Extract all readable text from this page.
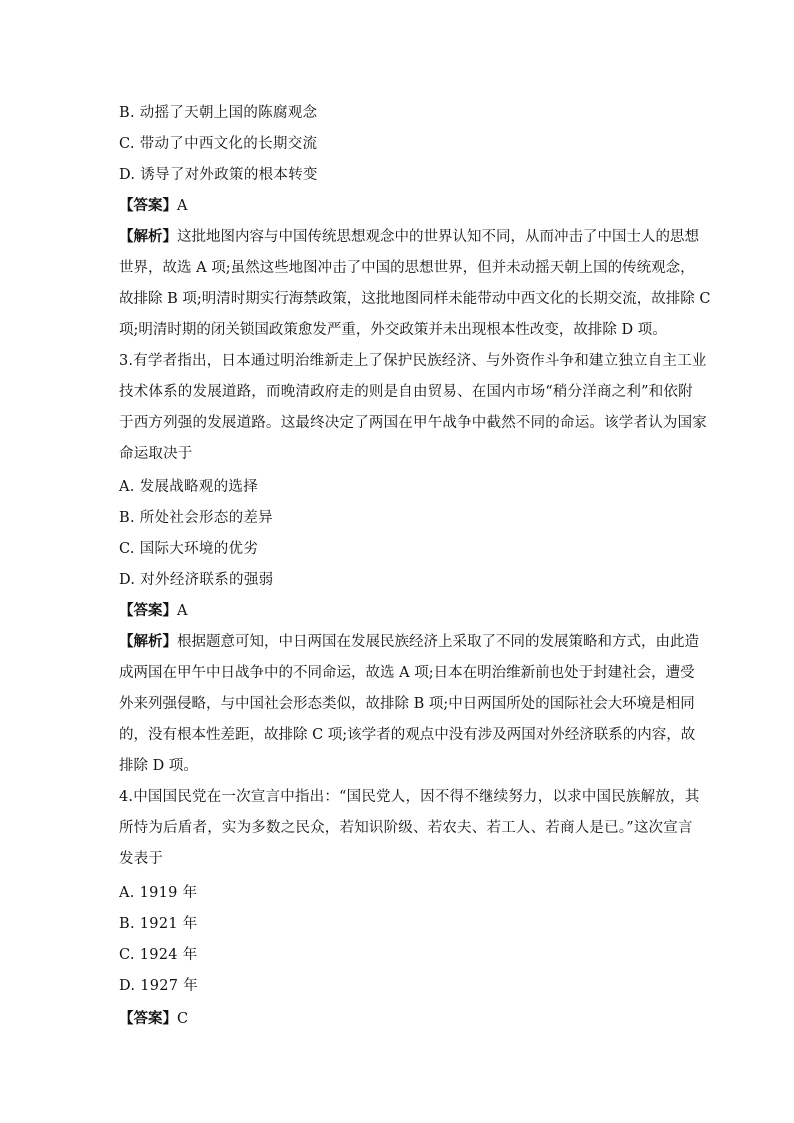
B. 动摇了天朝上国的陈腐观念

C. 带动了中西文化的长期交流

D. 诱导了对外政策的根本转变

【答案】A

【解析】这批地图内容与中国传统思想观念中的世界认知不同，从而冲击了中国士人的思想

世界，故选 A 项;虽然这些地图冲击了中国的思想世界，但并未动摇天朝上国的传统观念，

故排除 B 项;明清时期实行海禁政策，这批地图同样未能带动中西文化的长期交流，故排除 C

项;明清时期的闭关锁国政策愈发严重，外交政策并未出现根本性改变，故排除 D 项。

3.有学者指出，日本通过明治维新走上了保护民族经济、与外资作斗争和建立独立自主工业

技术体系的发展道路，而晚清政府走的则是自由贸易、在国内市场“稍分洋商之利”和依附

于西方列强的发展道路。这最终决定了两国在甲午战争中截然不同的命运。该学者认为国家

命运取决于

A. 发展战略观的选择

B. 所处社会形态的差异

C. 国际大环境的优劣

D. 对外经济联系的强弱

【答案】A

【解析】根据题意可知，中日两国在发展民族经济上采取了不同的发展策略和方式，由此造

成两国在甲午中日战争中的不同命运，故选 A 项;日本在明治维新前也处于封建社会，遭受

外来列强侵略，与中国社会形态类似，故排除 B 项;中日两国所处的国际社会大环境是相同

的，没有根本性差距，故排除 C 项;该学者的观点中没有涉及两国对外经济联系的内容，故

排除 D 项。

4.中国国民党在一次宣言中指出：“国民党人，因不得不继续努力，以求中国民族解放，其

所恃为后盾者，实为多数之民众，若知识阶级、若农夫、若工人、若商人是已。”这次宣言

发表于

A. 1919 年

B. 1921 年

C. 1924 年

D. 1927 年

【答案】C
